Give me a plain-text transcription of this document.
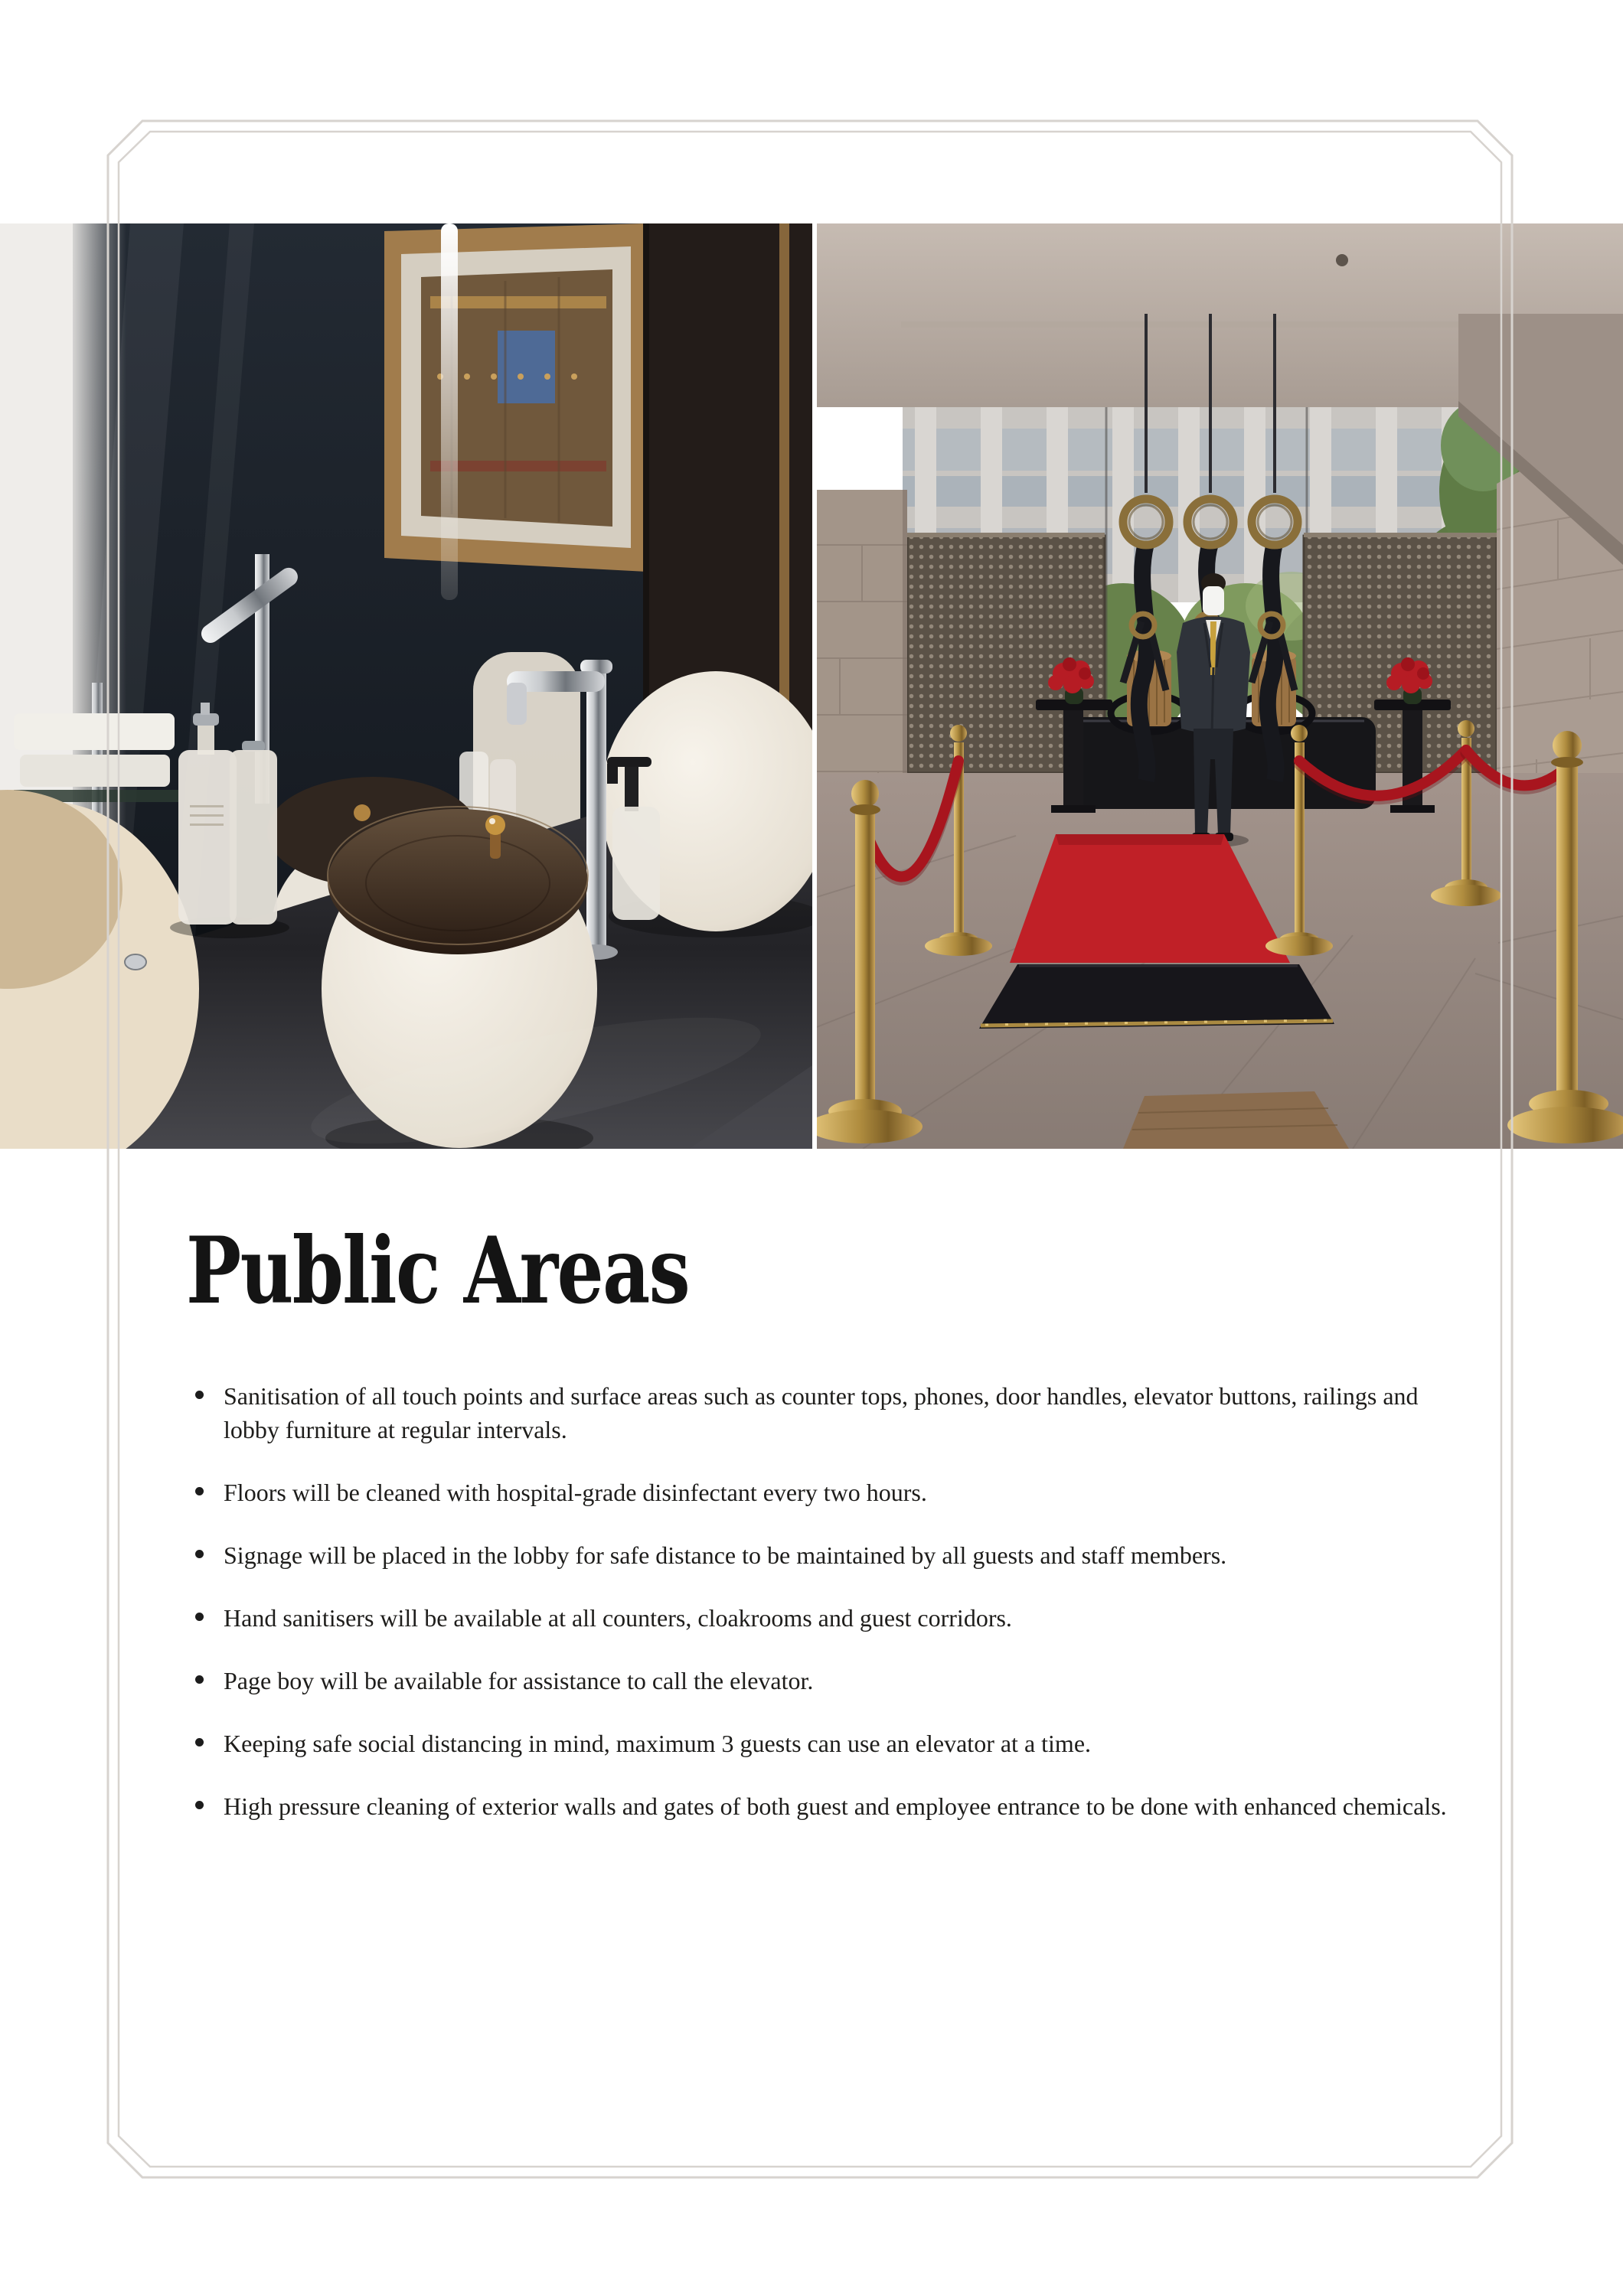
Public Areas
Sanitisation of all touch points and surface areas such as counter tops, phones, door handles, elevator buttons, railings and lobby furniture at regular intervals.
Floors will be cleaned with hospital-grade disinfectant every two hours.
Signage will be placed in the lobby for safe distance to be maintained by all guests and staff members.
Hand sanitisers will be available at all counters, cloakrooms and guest corridors.
Page boy will be available for assistance to call the elevator.
Keeping safe social distancing in mind, maximum 3 guests can use an elevator at a time.
High pressure cleaning of exterior walls and gates of both guest and employee entrance to be done with enhanced chemicals.
